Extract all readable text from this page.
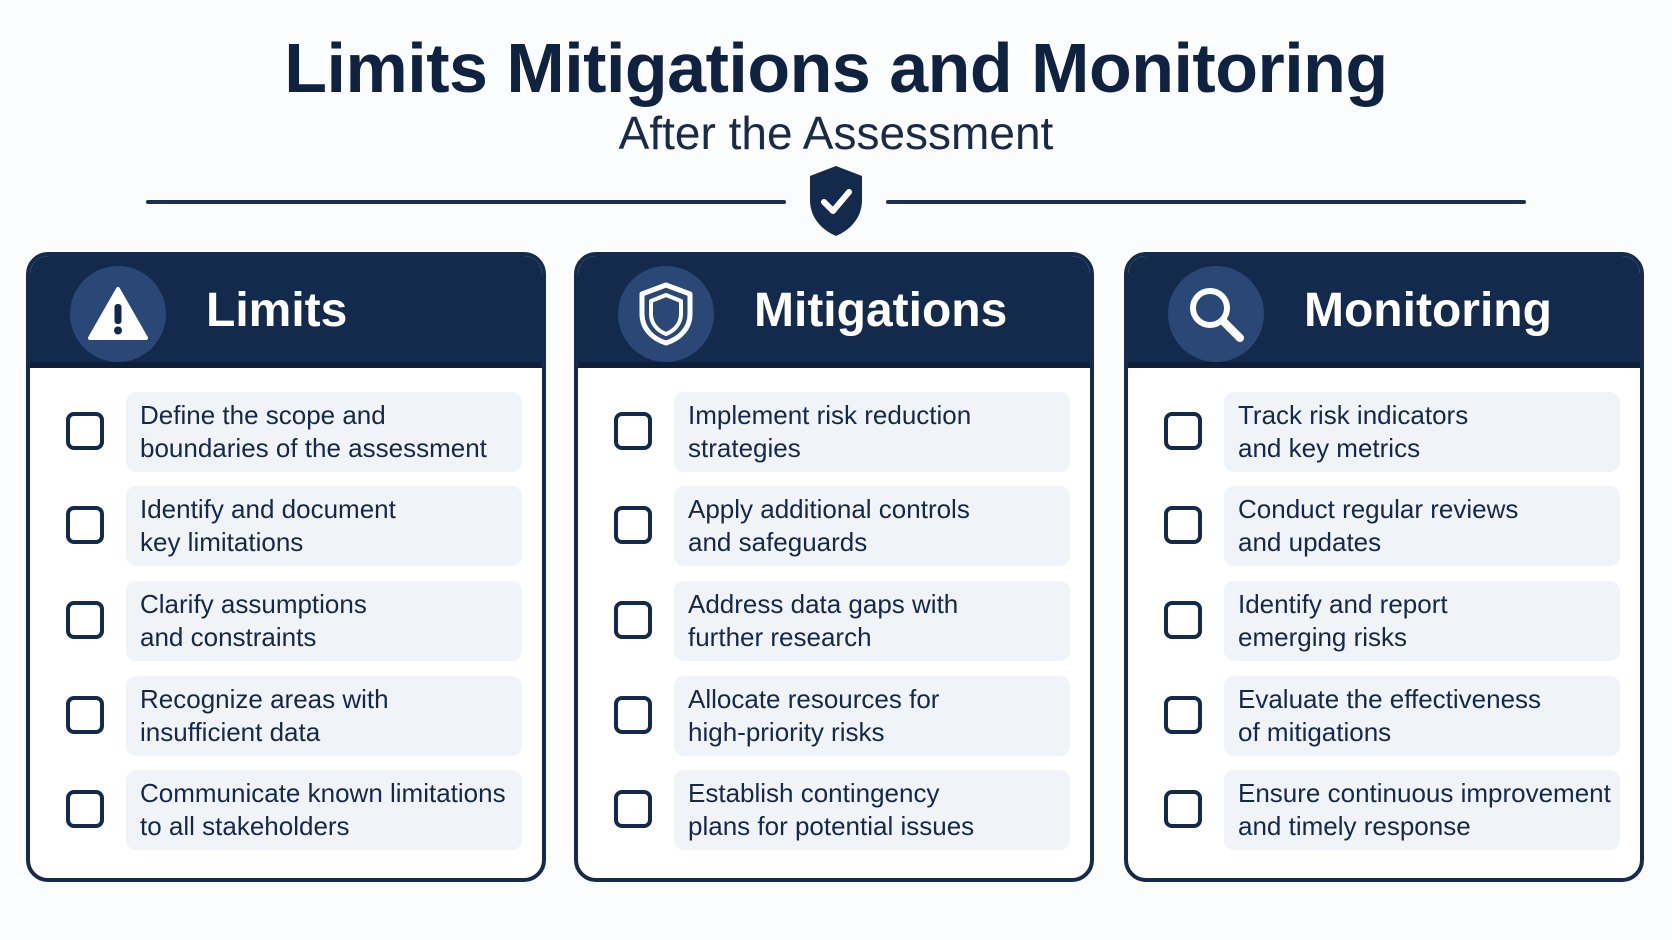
Limits Mitigations and Monitoring
After the Assessment
Limits
Define the scope and
boundaries of the assessment
Identify and document
key limitations
Clarify assumptions
and constraints
Recognize areas with
insufficient data
Communicate known limitations
to all stakeholders
Mitigations
Implement risk reduction
strategies
Apply additional controls
and safeguards
Address data gaps with
further research
Allocate resources for
high-priority risks
Establish contingency
plans for potential issues
Monitoring
Track risk indicators
and key metrics
Conduct regular reviews
and updates
Identify and report
emerging risks
Evaluate the effectiveness
of mitigations
Ensure continuous improvement
and timely response
